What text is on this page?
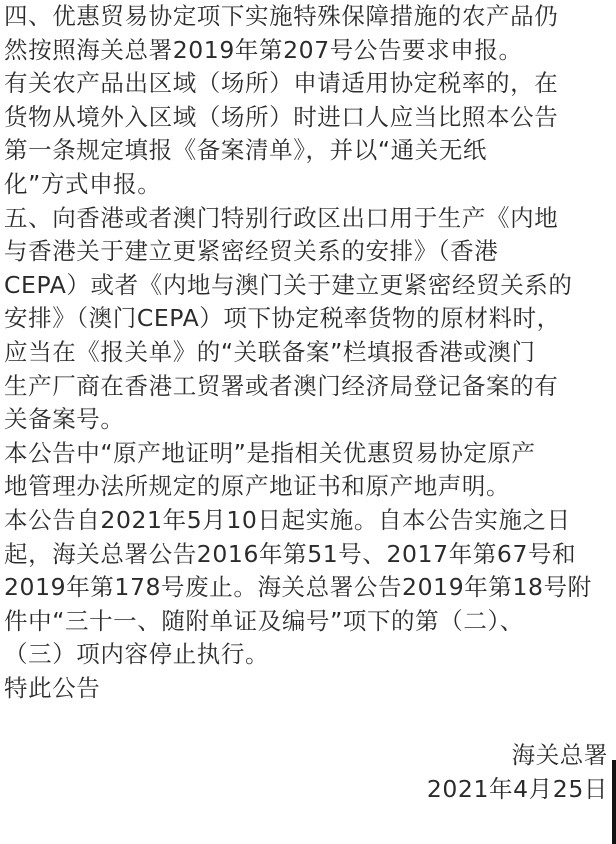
四、优惠贸易协定项下实施特殊保障措施的农产品仍
然按照海关总署2019年第207号公告要求申报。
有关农产品出区域（场所）申请适用协定税率的，在
货物从境外入区域（场所）时进口人应当比照本公告
第一条规定填报《备案清单》，并以“通关无纸
化”方式申报。
五、向香港或者澳门特别行政区出口用于生产《内地
与香港关于建立更紧密经贸关系的安排》（香港
CEPA）或者《内地与澳门关于建立更紧密经贸关系的
安排》（澳门CEPA）项下协定税率货物的原材料时，
应当在《报关单》的“关联备案”栏填报香港或澳门
生产厂商在香港工贸署或者澳门经济局登记备案的有
关备案号。
本公告中“原产地证明”是指相关优惠贸易协定原产
地管理办法所规定的原产地证书和原产地声明。
本公告自2021年5月10日起实施。自本公告实施之日
起，海关总署公告2016年第51号、2017年第67号和
2019年第178号废止。海关总署公告2019年第18号附
件中“三十一、随附单证及编号”项下的第（二）、
（三）项内容停止执行。
特此公告
海关总署
2021年4月25日
